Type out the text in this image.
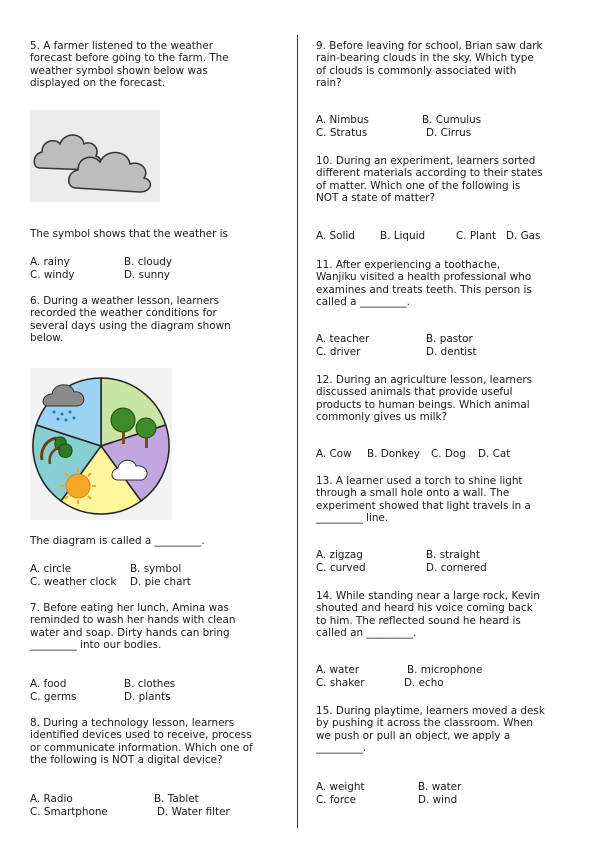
5. A farmer listened to the weather
forecast before going to the farm. The
weather symbol shown below was
displayed on the forecast.
The symbol shows that the weather is
A. rainy	B. cloudy
C. windy	D. sunny
6. During a weather lesson, learners
recorded the weather conditions for
several days using the diagram shown
below.
The diagram is called a _________.
A. circle	B. symbol
C. weather clock D. pie chart
7. Before eating her lunch, Amina was
reminded to wash her hands with clean
water and soap. Dirty hands can bring
_________ into our bodies.
A. food	B. clothes
C. germs	D. plants
8. During a technology lesson, learners
identified devices used to receive, process
or communicate information. Which one of
the following is NOT a digital device?
A. Radio	B. Tablet
C. Smartphone	D. Water filter
9. Before leaving for school, Brian saw dark
rain-bearing clouds in the sky. Which type
of clouds is commonly associated with
rain?
A. Nimbus	B. Cumulus
C. Stratus	D. Cirrus
10. During an experiment, learners sorted
different materials according to their states
of matter. Which one of the following is
NOT a state of matter?
A. Solid B. Liquid	C. Plant D. Gas
11. After experiencing a toothache,
Wanjiku visited a health professional who
examines and treats teeth. This person is
called a _________.
A. teacher	B. pastor
C. driver	D. dentist
12. During an agriculture lesson, learners
discussed animals that provide useful
products to human beings. Which animal
commonly gives us milk?
A. Cow B. Donkey C. Dog D. Cat
13. A learner used a torch to shine light
through a small hole onto a wall. The
experiment showed that light travels in a
_________ line.
A. zigzag	B. straight
C. curved	D. cornered
14. While standing near a large rock, Kevin
shouted and heard his voice coming back
to him. The reflected sound he heard is
called an _________.
A. water	B. microphone
C. shaker	D. echo
15. During playtime, learners moved a desk
by pushing it across the classroom. When
we push or pull an object, we apply a
_________.
A. weight	B. water
C. force	D. wind
